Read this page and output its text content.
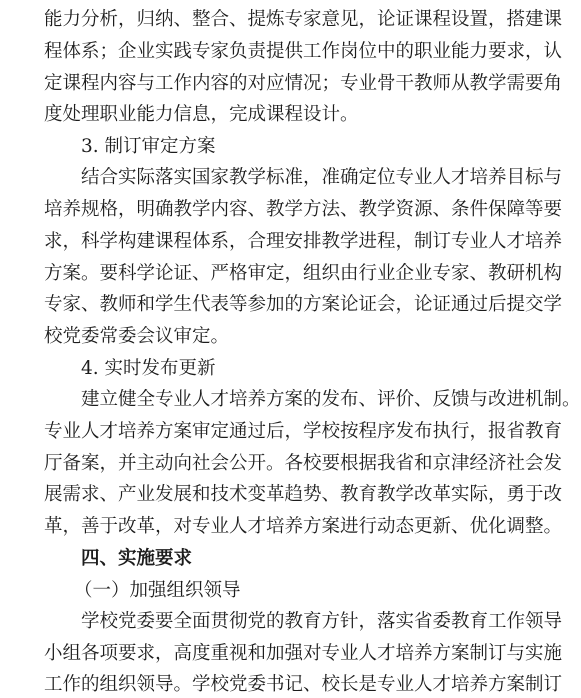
能力分析，归纳、整合、提炼专家意见，论证课程设置，搭建课
程体系；企业实践专家负责提供工作岗位中的职业能力要求，认
定课程内容与工作内容的对应情况；专业骨干教师从教学需要角
度处理职业能力信息，完成课程设计。
3. 制订审定方案
结合实际落实国家教学标准，准确定位专业人才培养目标与
培养规格，明确教学内容、教学方法、教学资源、条件保障等要
求，科学构建课程体系，合理安排教学进程，制订专业人才培养
方案。要科学论证、严格审定，组织由行业企业专家、教研机构
专家、教师和学生代表等参加的方案论证会，论证通过后提交学
校党委常委会议审定。
4. 实时发布更新
建立健全专业人才培养方案的发布、评价、反馈与改进机制。
专业人才培养方案审定通过后，学校按程序发布执行，报省教育
厅备案，并主动向社会公开。各校要根据我省和京津经济社会发
展需求、产业发展和技术变革趋势、教育教学改革实际，勇于改
革，善于改革，对专业人才培养方案进行动态更新、优化调整。
四、实施要求
（一）加强组织领导
学校党委要全面贯彻党的教育方针，落实省委教育工作领导
小组各项要求，高度重视和加强对专业人才培养方案制订与实施
工作的组织领导。学校党委书记、校长是专业人才培养方案制订
